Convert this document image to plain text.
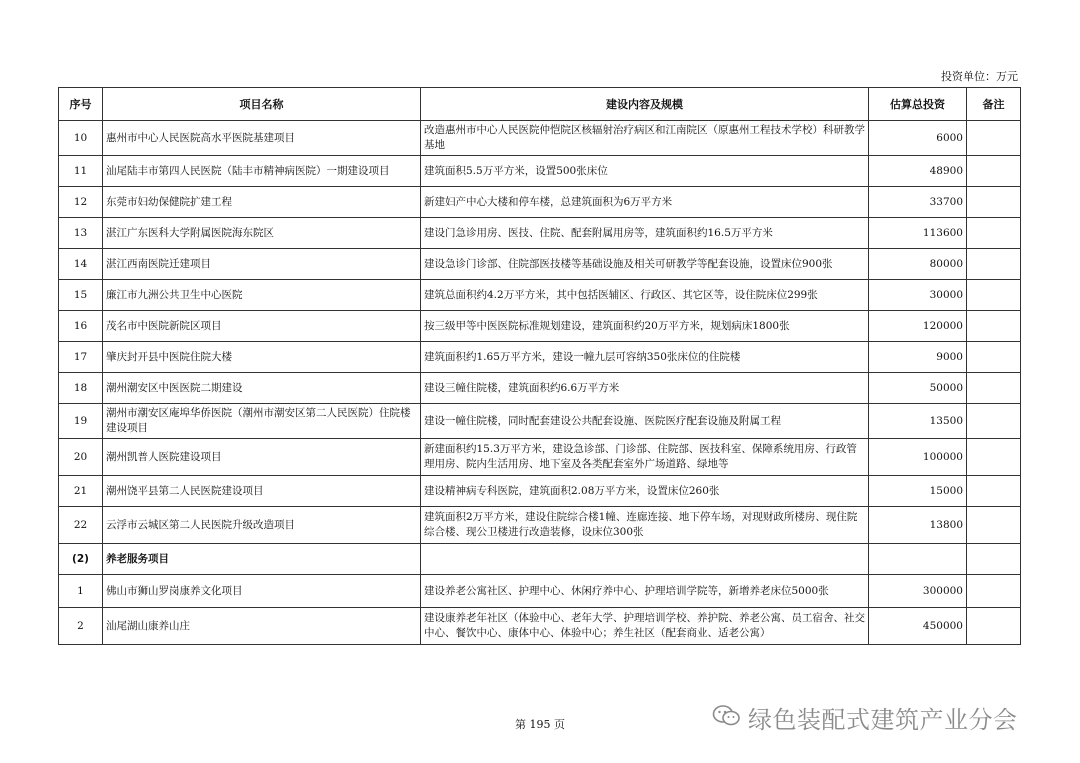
投资单位：万元
序号	项目名称	建设内容及规模	估算总投资	备注
10	惠州市中心人民医院高水平医院基建项目	改造惠州市中心人民医院仲恺院区核辐射治疗病区和江南院区（原惠州工程技术学校）科研教学基地	6000	
11	汕尾陆丰市第四人民医院（陆丰市精神病医院）一期建设项目	建筑面积5.5万平方米，设置500张床位	48900	
12	东莞市妇幼保健院扩建工程	新建妇产中心大楼和停车楼，总建筑面积为6万平方米	33700	
13	湛江广东医科大学附属医院海东院区	建设门急诊用房、医技、住院、配套附属用房等，建筑面积约16.5万平方米	113600	
14	湛江西南医院迁建项目	建设急诊门诊部、住院部医技楼等基础设施及相关可研教学等配套设施，设置床位900张	80000	
15	廉江市九洲公共卫生中心医院	建筑总面积约4.2万平方米，其中包括医辅区、行政区、其它区等，设住院床位299张	30000	
16	茂名市中医院新院区项目	按三级甲等中医医院标准规划建设，建筑面积约20万平方米，规划病床1800张	120000	
17	肇庆封开县中医院住院大楼	建筑面积约1.65万平方米，建设一幢九层可容纳350张床位的住院楼	9000	
18	潮州潮安区中医医院二期建设	建设三幢住院楼，建筑面积约6.6万平方米	50000	
19	潮州市潮安区庵埠华侨医院（潮州市潮安区第二人民医院）住院楼建设项目	建设一幢住院楼，同时配套建设公共配套设施、医院医疗配套设施及附属工程	13500	
20	潮州凯普人医院建设项目	新建面积约15.3万平方米，建设急诊部、门诊部、住院部、医技科室、保障系统用房、行政管理用房、院内生活用房、地下室及各类配套室外广场道路、绿地等	100000	
21	潮州饶平县第二人民医院建设项目	建设精神病专科医院，建筑面积2.08万平方米，设置床位260张	15000	
22	云浮市云城区第二人民医院升级改造项目	建筑面积2万平方米，建设住院综合楼1幢、连廊连接、地下停车场，对现财政所楼房、现住院综合楼、现公卫楼进行改造装修，设床位300张	13800	
(2)	养老服务项目			
1	佛山市狮山罗岗康养文化项目	建设养老公寓社区、护理中心、休闲疗养中心、护理培训学院等，新增养老床位5000张	300000	
2	汕尾湖山康养山庄	建设康养老年社区（体验中心、老年大学、护理培训学校、养护院、养老公寓、员工宿舍、社交中心、餐饮中心、康体中心、体验中心；养生社区（配套商业、适老公寓）	450000	
第 195 页	绿色装配式建筑产业分会
